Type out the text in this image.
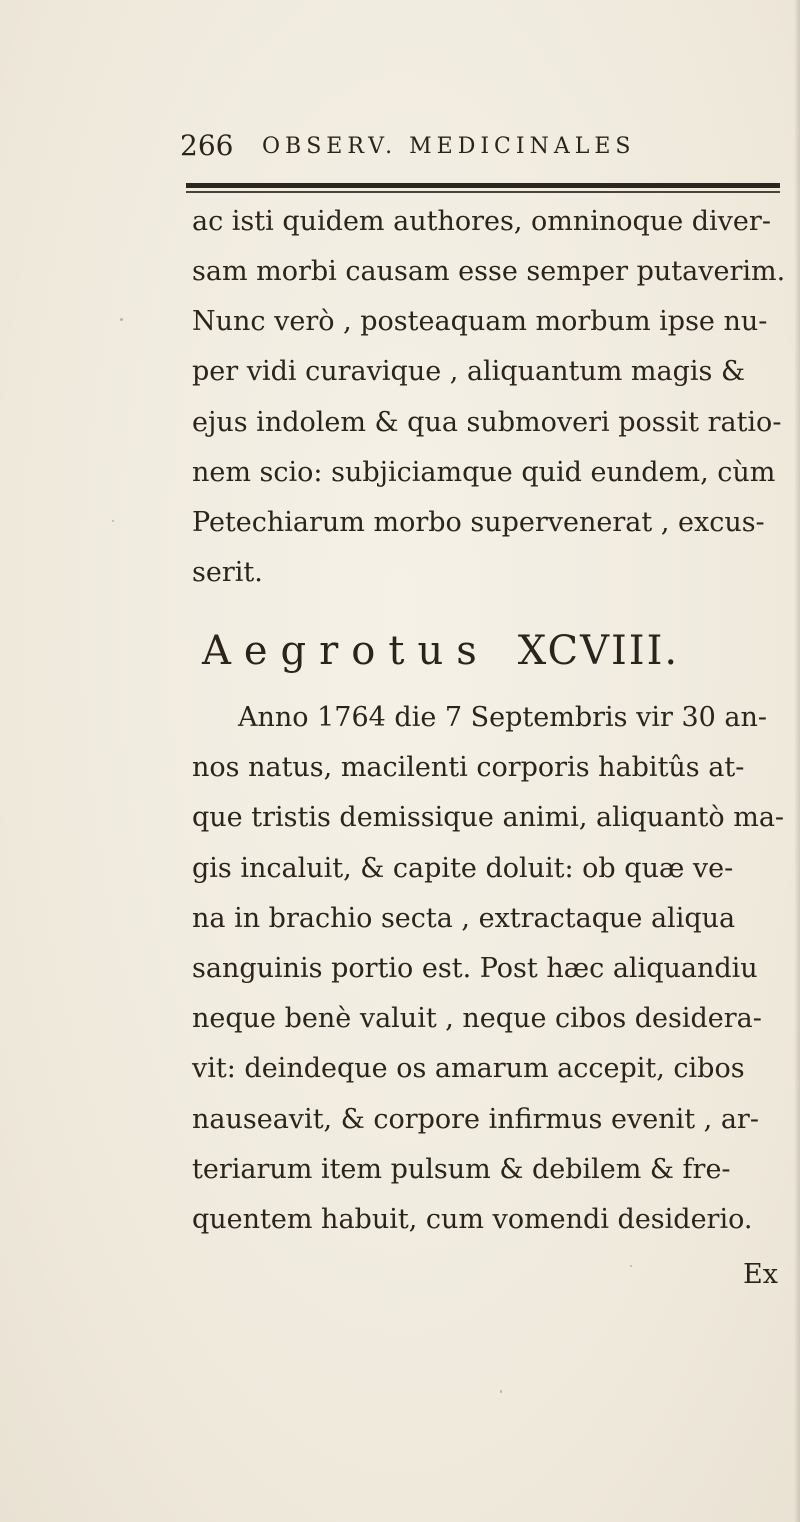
266 OBSERV. MEDICINALES
ac isti quidem authores, omninoque diver-
sam morbi causam esse semper putaverim.
Nunc verò , posteaquam morbum ipse nu-
per vidi curavique , aliquantum magis &
ejus indolem & qua submoveri possit ratio-
nem scio: subjiciamque quid eundem, cùm
Petechiarum morbo supervenerat , excus-
serit.
Aegrotus XCVIII.
Anno 1764 die 7 Septembris vir 30 an-
nos natus, macilenti corporis habitûs at-
que tristis demissique animi, aliquantò ma-
gis incaluit, & capite doluit: ob quæ ve-
na in brachio secta , extractaque aliqua
sanguinis portio est. Post hæc aliquandiu
neque benè valuit , neque cibos desidera-
vit: deindeque os amarum accepit, cibos
nauseavit, & corpore infirmus evenit , ar-
teriarum item pulsum & debilem & fre-
quentem habuit, cum vomendi desiderio.
Ex
